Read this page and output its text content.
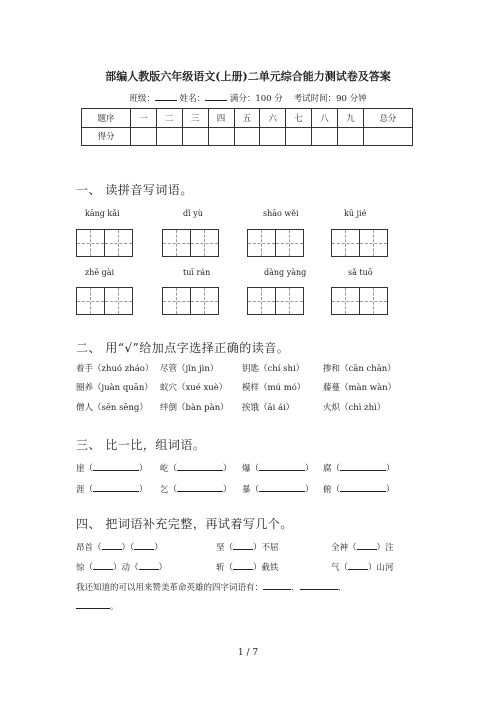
部编人教版六年级语文(上册)二单元综合能力测试卷及答案
班级：	姓名：	满分：100 分 考试时间：90 分钟
题序	一	二	三	四	五	六	七	八	九	总分
得分										
一、 读拼音写词语。
kāng kǎi	dǐ yù	shāo wěi	kū jié
zhē gài	tuī rán	dàng yàng	sǎ tuō
二、 用“√”给加点字选择正确的读音。
着手（zhuó zháo） 尽管（jǐn jìn）	钥匙（chí shi） 掺和（cān chān）
圈养（juàn quān） 蚁穴（xué xuè） 模样（mú mó） 藤蔓（màn wàn）
僧人（sēn sēng） 绊倒（bàn pàn） 挨饿（āi ái）	火炽（chì zhì）
三、 比一比，组词语。
崖（	） 屹（	） 爆（	） 腐（	）
涯（	） 乞（	） 暴（	） 俯（	）
四、 把词语补充完整，再试着写几个。
昂首（ ）（ ）	坚（ ）不屈	全神（ ）注
惊（ ）动（ ）	斩（ ）截铁	气（ ）山河
我还知道的可以用来赞美革命英雄的四字词语有：	、	、
。
1 / 7
